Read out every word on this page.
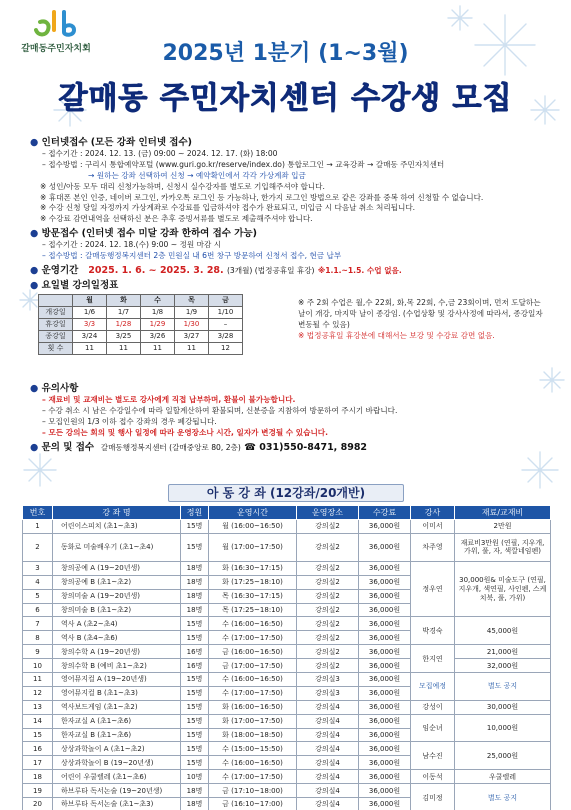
갈매동주민자치회	2025년 1분기 (1~3월)
갈매동 주민자치센터 수강생 모집
● 인터넷접수 (모든 강좌 인터넷 접수)
– 접수기간 : 2024. 12. 13. (금) 09:00 ~ 2024. 12. 17. (화) 18:00
– 접수방법 : 구리시 통합예약포털 (www.guri.go.kr/reserve/index.do) 통합로그인 → 교육강좌 → 갈매동 주민자치센터
→ 원하는 강좌 선택하여 신청 → 예약확인에서 각각 가상계좌 입금
※ 성인/아동 모두 대리 신청가능하며, 신청시 실수강자를 별도로 기입해주셔야 합니다.
※ 휴대폰 본인 인증, 네이버 로그인, 카카오톡 로그인 등 가능하나, 한가지 로그인 방법으로 같은 강좌를 중복 하여 신청할 수 없습니다.
※ 수강 신청 당일 자정까지 가상계좌로 수강료를 입금하셔야 접수가 완료되고, 미입금 시 다음날 취소 처리됩니다.
※ 수강료 감면내역을 선택하신 분은 추후 증빙서류를 별도로 제출해주셔야 합니다.
● 방문접수 (인터넷 접수 미달 강좌 한하여 접수 가능)
– 접수기간 : 2024. 12. 18.(수) 9:00 ~ 정원 마감 시
– 접수방법 : 갈매동행정복지센터 2층 민원실 내 6번 창구 방문하여 신청서 접수, 현금 납부
● 운영기간 2025. 1. 6. ~ 2025. 3. 28. (3개월) (법정공휴일 휴강) ※1.1.~1.5. 수업 없음.
● 요일별 강의일정표
	월	화	수	목	금
개강일	1/6	1/7	1/8	1/9	1/10
휴강일	3/3	1/28	1/29	1/30	–
종강일	3/24	3/25	3/26	3/27	3/28
횟 수	11	11	11	11	12
※ 주 2회 수업은 월,수 22회, 화,목 22회, 수,금 23회이며, 먼저 도달하는 날이 개강, 마지막 날이 종강임. (수업상황 및 강사사정에 따라서, 종강일자 변동될 수 있음)
※ 법정공휴일 휴강분에 대해서는 보강 및 수강료 감면 없음.
● 유의사항
– 재료비 및 교재비는 별도로 강사에게 직접 납부하며, 환불이 불가능합니다.
– 수강 취소 시 남은 수강일수에 따라 일할계산하여 환불되며, 신분증을 지참하여 방문하여 주시기 바랍니다.
– 모집인원의 1/3 이하 접수 강좌의 경우 폐강됩니다.
– 모든 강의는 회의 및 행사 일정에 따라 운영장소나 시간, 일자가 변경될 수 있습니다.
● 문의 및 접수 갈매동행정복지센터 (갈매중앙로 80, 2층) ☎ 031)550-8471, 8982
아 동 강 좌 (12강좌/20개반)
번호	강 좌 명	정원	운영시간	운영장소	수강료	강사	재료/교재비
1	어린이스피치 (초1~초3)	15명	월 (16:00~16:50)	강의실2	36,000원	이미서	2만원
2	동화로 미술배우기 (초1~초4)	15명	월 (17:00~17:50)	강의실2	36,000원	차주영	재료비3만원 (연필, 지우개, 가위, 풀, 자, 색깔네임펜)
3	창의공예 A (19~20년생)	18명	화 (16:30~17:15)	강의실2	36,000원	정우연	30,000원& 미술도구 (연필, 지우개, 색연필, 사인펜, 스케치북, 풀, 가위)
4	창의공예 B (초1~초2)	18명	화 (17:25~18:10)	강의실2	36,000원		
5	창의미술 A (19~20년생)	18명	목 (16:30~17:15)	강의실2	36,000원		
6	창의미술 B (초1~초2)	18명	목 (17:25~18:10)	강의실2	36,000원		
7	역사 A (초2~초4)	15명	수 (16:00~16:50)	강의실2	36,000원	박경숙	45,000원
8	역사 B (초4~초6)	15명	수 (17:00~17:50)	강의실2	36,000원		
9	창의수학 A (19~20년생)	16명	금 (16:00~16:50)	강의실2	36,000원	한지연	21,000원
10	창의수학 B (예비 초1~초2)	16명	금 (17:00~17:50)	강의실2	36,000원		32,000원
11	영어뮤지컬 A (19~20년생)	15명	수 (16:00~16:50)	강의실3	36,000원	모집예정	별도 공지
12	영어뮤지컬 B (초1~초3)	15명	수 (17:00~17:50)	강의실3	36,000원		
13	역사보드게임 (초1~초2)	15명	화 (16:00~16:50)	강의실4	36,000원	강성이	30,000원
14	한자교실 A (초1~초6)	15명	화 (17:00~17:50)	강의실4	36,000원	임순녀	10,000원
15	한자교실 B (초1~초6)	15명	화 (18:00~18:50)	강의실4	36,000원		
16	상상과학놀이 A (초1~초2)	15명	수 (15:00~15:50)	강의실4	36,000원	남수진	25,000원
17	상상과학놀이 B (19~20년생)	15명	수 (16:00~16:50)	강의실4	36,000원		
18	어린이 우쿨렐레 (초1~초6)	10명	수 (17:00~17:50)	강의실4	36,000원	이동석	우쿨렐레
19	하브루타 독서논술 (19~20년생)	18명	금 (17:10~18:00)	강의실4	36,000원	김미정	별도 공지
20	하브루타 독서논술 (초1~초3)	18명	금 (16:10~17:00)	강의실4	36,000원		
